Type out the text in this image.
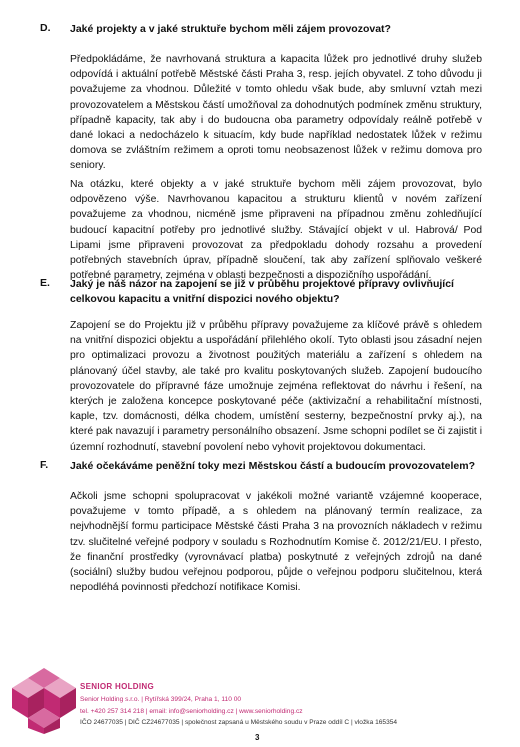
D. Jaké projekty a v jaké struktuře bychom měli zájem provozovat?
Předpokládáme, že navrhovaná struktura a kapacita lůžek pro jednotlivé druhy služeb odpovídá i aktuální potřebě Městské části Praha 3, resp. jejích obyvatel. Z toho důvodu ji považujeme za vhodnou. Důležité v tomto ohledu však bude, aby smluvní vztah mezi provozovatelem a Městskou částí umožňoval za dohodnutých podmínek změnu struktury, případně kapacity, tak aby i do budoucna oba parametry odpovídaly reálně potřebě v dané lokaci a nedocházelo k situacím, kdy bude například nedostatek lůžek v režimu domova se zvláštním režimem a oproti tomu neobsazenost lůžek v režimu domova pro seniory.
Na otázku, které objekty a v jaké struktuře bychom měli zájem provozovat, bylo odpovězeno výše. Navrhovanou kapacitou a strukturu klientů v novém zařízení považujeme za vhodnou, nicméně jsme připraveni na případnou změnu zohledňující budoucí kapacitní potřeby pro jednotlivé služby. Stávající objekt v ul. Habrová/ Pod Lipami jsme připraveni provozovat za předpokladu dohody rozsahu a provedení potřebných stavebních úprav, případně sloučení, tak aby zařízení splňovalo veškeré potřebné parametry, zejména v oblasti bezpečnosti a dispozičního uspořádání.
E. Jaký je náš názor na zapojení se již v průběhu projektové přípravy ovlivňující celkovou kapacitu a vnitřní dispozici nového objektu?
Zapojení se do Projektu již v průběhu přípravy považujeme za klíčové právě s ohledem na vnitřní dispozici objektu a uspořádání přilehlého okolí. Tyto oblasti jsou zásadní nejen pro optimalizaci provozu a životnost použitých materiálu a zařízení s ohledem na plánovaný účel stavby, ale také pro kvalitu poskytovaných služeb. Zapojení budoucího provozovatele do přípravné fáze umožnuje zejména reflektovat do návrhu i řešení, na kterých je založena koncepce poskytované péče (aktivizační a rehabilitační místnosti, kaple, tzv. domácnosti, délka chodem, umístění sesterny, bezpečnostní prvky aj.), na které pak navazují i parametry personálního obsazení. Jsme schopni podílet se či zajistit i územní rozhodnutí, stavební povolení nebo vyhovit projektovou dokumentaci.
F. Jaké očekáváme peněžní toky mezi Městskou částí a budoucím provozovatelem?
Ačkoli jsme schopni spolupracovat v jakékoli možné variantě vzájemné kooperace, považujeme v tomto případě, a s ohledem na plánovaný termín realizace, za nejvhodnější formu participace Městské části Praha 3 na provozních nákladech v režimu tzv. slučitelné veřejné podpory v souladu s Rozhodnutím Komise č. 2012/21/EU. I přesto, že finanční prostředky (vyrovnávací platba) poskytnuté z veřejných zdrojů na dané (sociální) služby budou veřejnou podporou, půjde o veřejnou podporu slučitelnou, která nepodléhá povinnosti předchozí notifikace Komisi.
SENIOR HOLDING
Senior Holding s.r.o. | Rytířská 399/24, Praha 1, 110 00
tel. +420 257 314 218 | email: info@seniorholding.cz | www.seniorholding.cz
IČO 24677035 | DIČ CZ24677035 | společnost zapsaná u Městského soudu v Praze oddíl C | vložka 165354
3
